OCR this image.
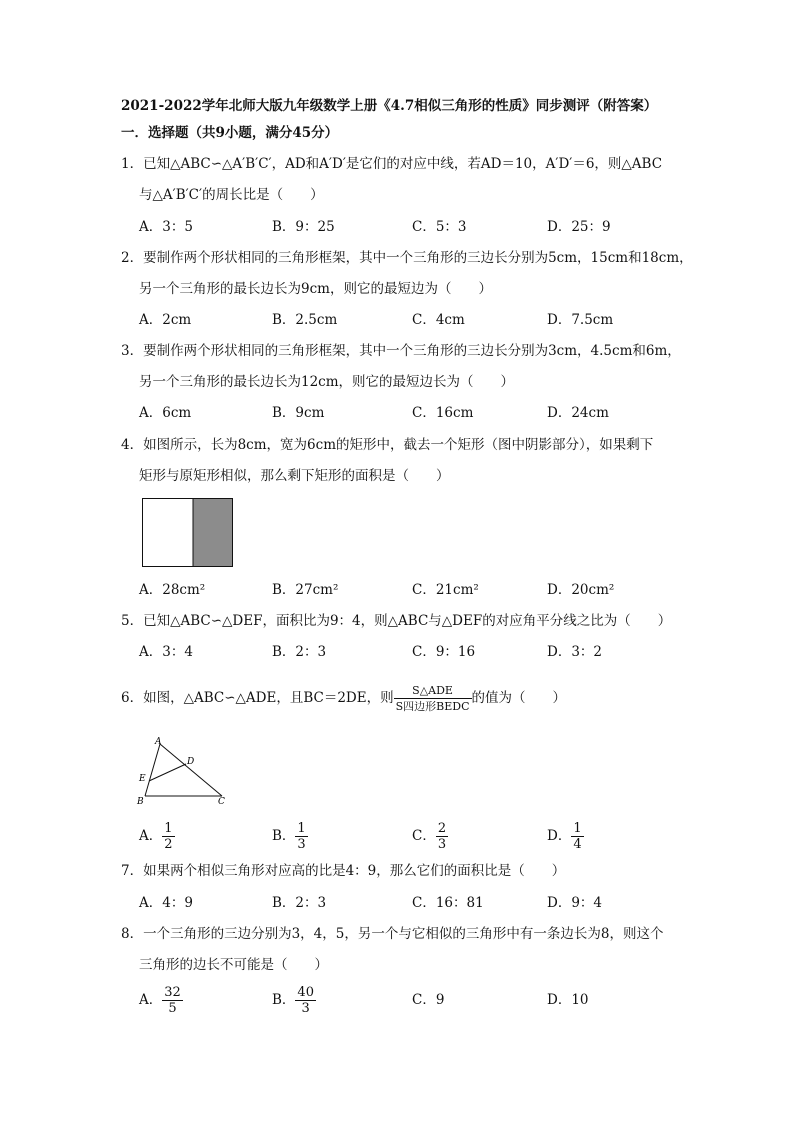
2021-2022学年北师大版九年级数学上册《4.7相似三角形的性质》同步测评（附答案）
一．选择题（共9小题，满分45分）
1．已知△ABC∽△A′B′C′，AD和A′D′是它们的对应中线，若AD＝10，A′D′＝6，则△ABC
与△A′B′C′的周长比是（　　）
A．3：5	B．9：25	C．5：3	D．25：9
2．要制作两个形状相同的三角形框架，其中一个三角形的三边长分别为5cm，15cm和18cm，
另一个三角形的最长边长为9cm，则它的最短边为（　　）
A．2cm	B．2.5cm	C．4cm	D．7.5cm
3．要制作两个形状相同的三角形框架，其中一个三角形的三边长分别为3cm，4.5cm和6m，
另一个三角形的最长边长为12cm，则它的最短边长为（　　）
A．6cm	B．9cm	C．16cm	D．24cm
4．如图所示，长为8cm，宽为6cm的矩形中，截去一个矩形（图中阴影部分），如果剩下
矩形与原矩形相似，那么剩下矩形的面积是（　　）
A．28cm²	B．27cm²	C．21cm²	D．20cm²
5．已知△ABC∽△DEF，面积比为9：4，则△ABC与△DEF的对应角平分线之比为（　　）
A．3：4	B．2：3	C．9：16	D．3：2
6．如图，△ABC∽△ADE，且BC＝2DE，则 $\frac{\text{S△ADE}}{\text{S四边形BEDC}}$ 的值为（　　）
A
D
E
B	C
A． $\frac{1}{2}$	B． $\frac{1}{3}$	C． $\frac{2}{3}$	D． $\frac{1}{4}$
7．如果两个相似三角形对应高的比是4：9，那么它们的面积比是（　　）
A．4：9	B．2：3	C．16：81	D．9：4
8．一个三角形的三边分别为3，4，5，另一个与它相似的三角形中有一条边长为8，则这个
三角形的边长不可能是（　　）
A． $\frac{32}{5}$	B． $\frac{40}{3}$	C．9	D．10
